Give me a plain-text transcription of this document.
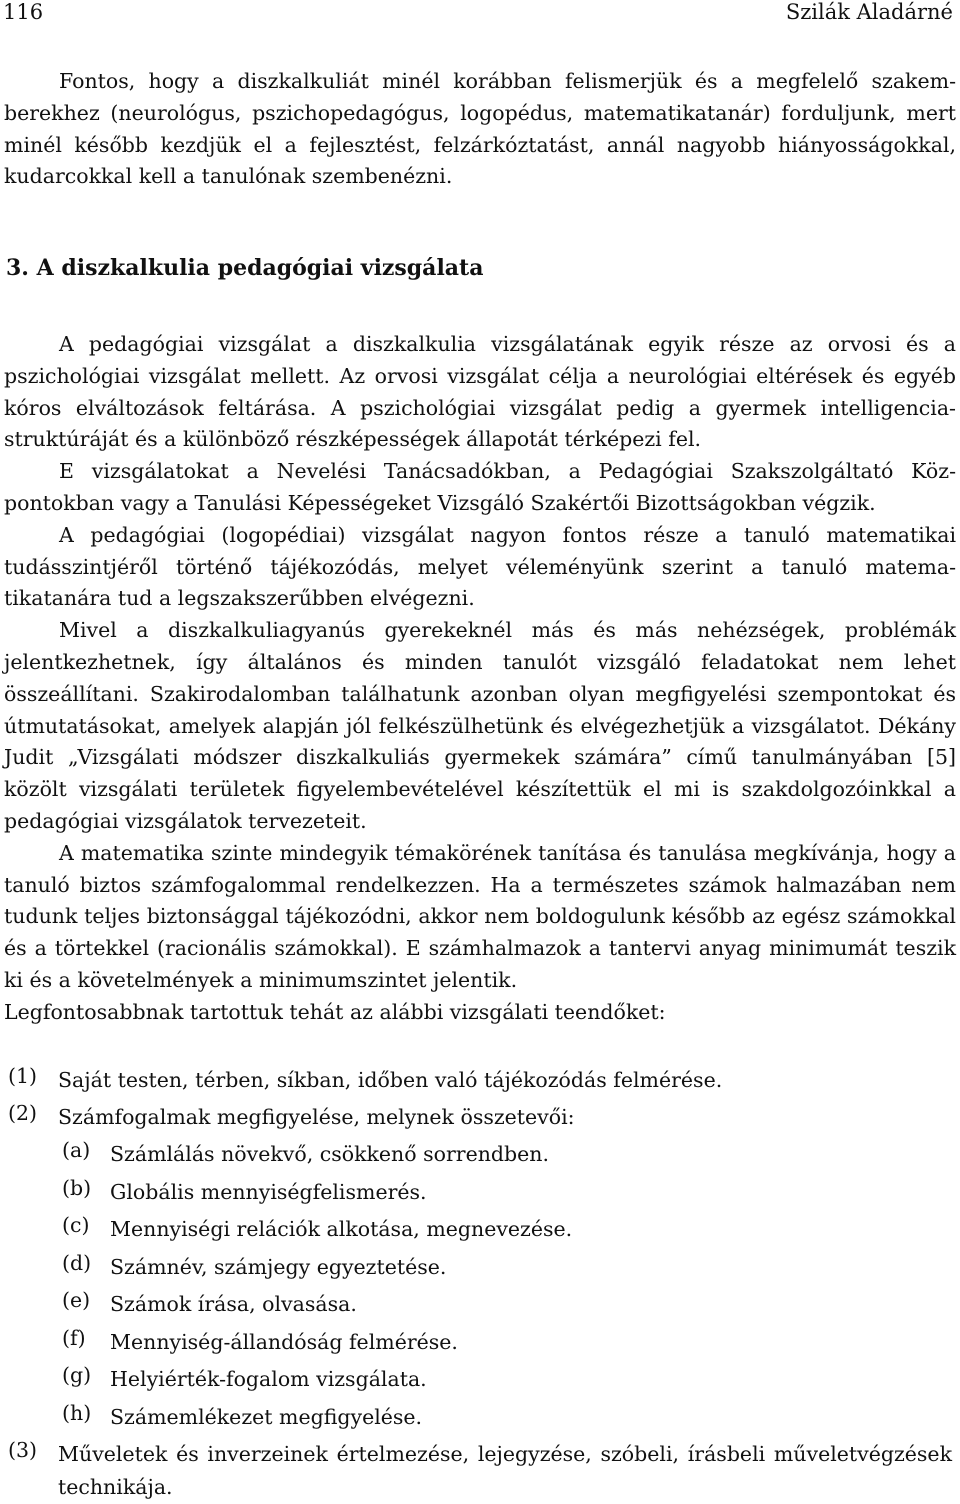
116	Szilák Aladárné

Fontos, hogy a diszkalkuliát minél korábban felismerjük és a megfelelő szakemberekhez (neurológus, pszichopedagógus, logopédus, matematikatanár) forduljunk, mert minél később kezdjük el a fejlesztést, felzárkóztatást, annál nagyobb hiányosságokkal, kudarcokkal kell a tanulónak szembenézni.

3. A diszkalkulia pedagógiai vizsgálata

A pedagógiai vizsgálat a diszkalkulia vizsgálatának egyik része az orvosi és a pszichológiai vizsgálat mellett. Az orvosi vizsgálat célja a neurológiai eltérések és egyéb kóros elváltozások feltárása. A pszichológiai vizsgálat pedig a gyermek intelligencia-struktúráját és a különböző részképességek állapotát térképezi fel.

E vizsgálatokat a Nevelési Tanácsadókban, a Pedagógiai Szakszolgáltató Központokban vagy a Tanulási Képességeket Vizsgáló Szakértői Bizottságokban végzik.

A pedagógiai (logopédiai) vizsgálat nagyon fontos része a tanuló matematikai tudásszintjéről történő tájékozódás, melyet véleményünk szerint a tanuló matematikatanára tud a legszakszerűbben elvégezni.

Mivel a diszkalkuliagyanús gyerekeknél más és más nehézségek, problémák jelentkezhetnek, így általános és minden tanulót vizsgáló feladatokat nem lehet összeállítani. Szakirodalomban találhatunk azonban olyan megfigyelési szempontokat és útmutatásokat, amelyek alapján jól felkészülhetünk és elvégezhetjük a vizsgálatot. Dékány Judit „Vizsgálati módszer diszkalkuliás gyermekek számára” című tanulmányában [5] közölt vizsgálati területek figyelembevételével készítettük el mi is szakdolgozóinkkal a pedagógiai vizsgálatok tervezeteit.

A matematika szinte mindegyik témakörének tanítása és tanulása megkívánja, hogy a tanuló biztos számfogalommal rendelkezzen. Ha a természetes számok halmazában nem tudunk teljes biztonsággal tájékozódni, akkor nem boldogulunk később az egész számokkal és a törtekkel (racionális számokkal). E számhalmazok a tantervi anyag minimumát teszik ki és a követelmények a minimumszintet jelentik.

Legfontosabbnak tartottuk tehát az alábbi vizsgálati teendőket:

(1) Saját testen, térben, síkban, időben való tájékozódás felmérése.
(2) Számfogalmak megfigyelése, melynek összetevői:
(a) Számlálás növekvő, csökkenő sorrendben.
(b) Globális mennyiségfelismerés.
(c) Mennyiségi relációk alkotása, megnevezése.
(d) Számnév, számjegy egyeztetése.
(e) Számok írása, olvasása.
(f) Mennyiség-állandóság felmérése.
(g) Helyiérték-fogalom vizsgálata.
(h) Számemlékezet megfigyelése.
(3) Műveletek és inverzeinek értelmezése, lejegyzése, szóbeli, írásbeli műveletvégzések technikája.
